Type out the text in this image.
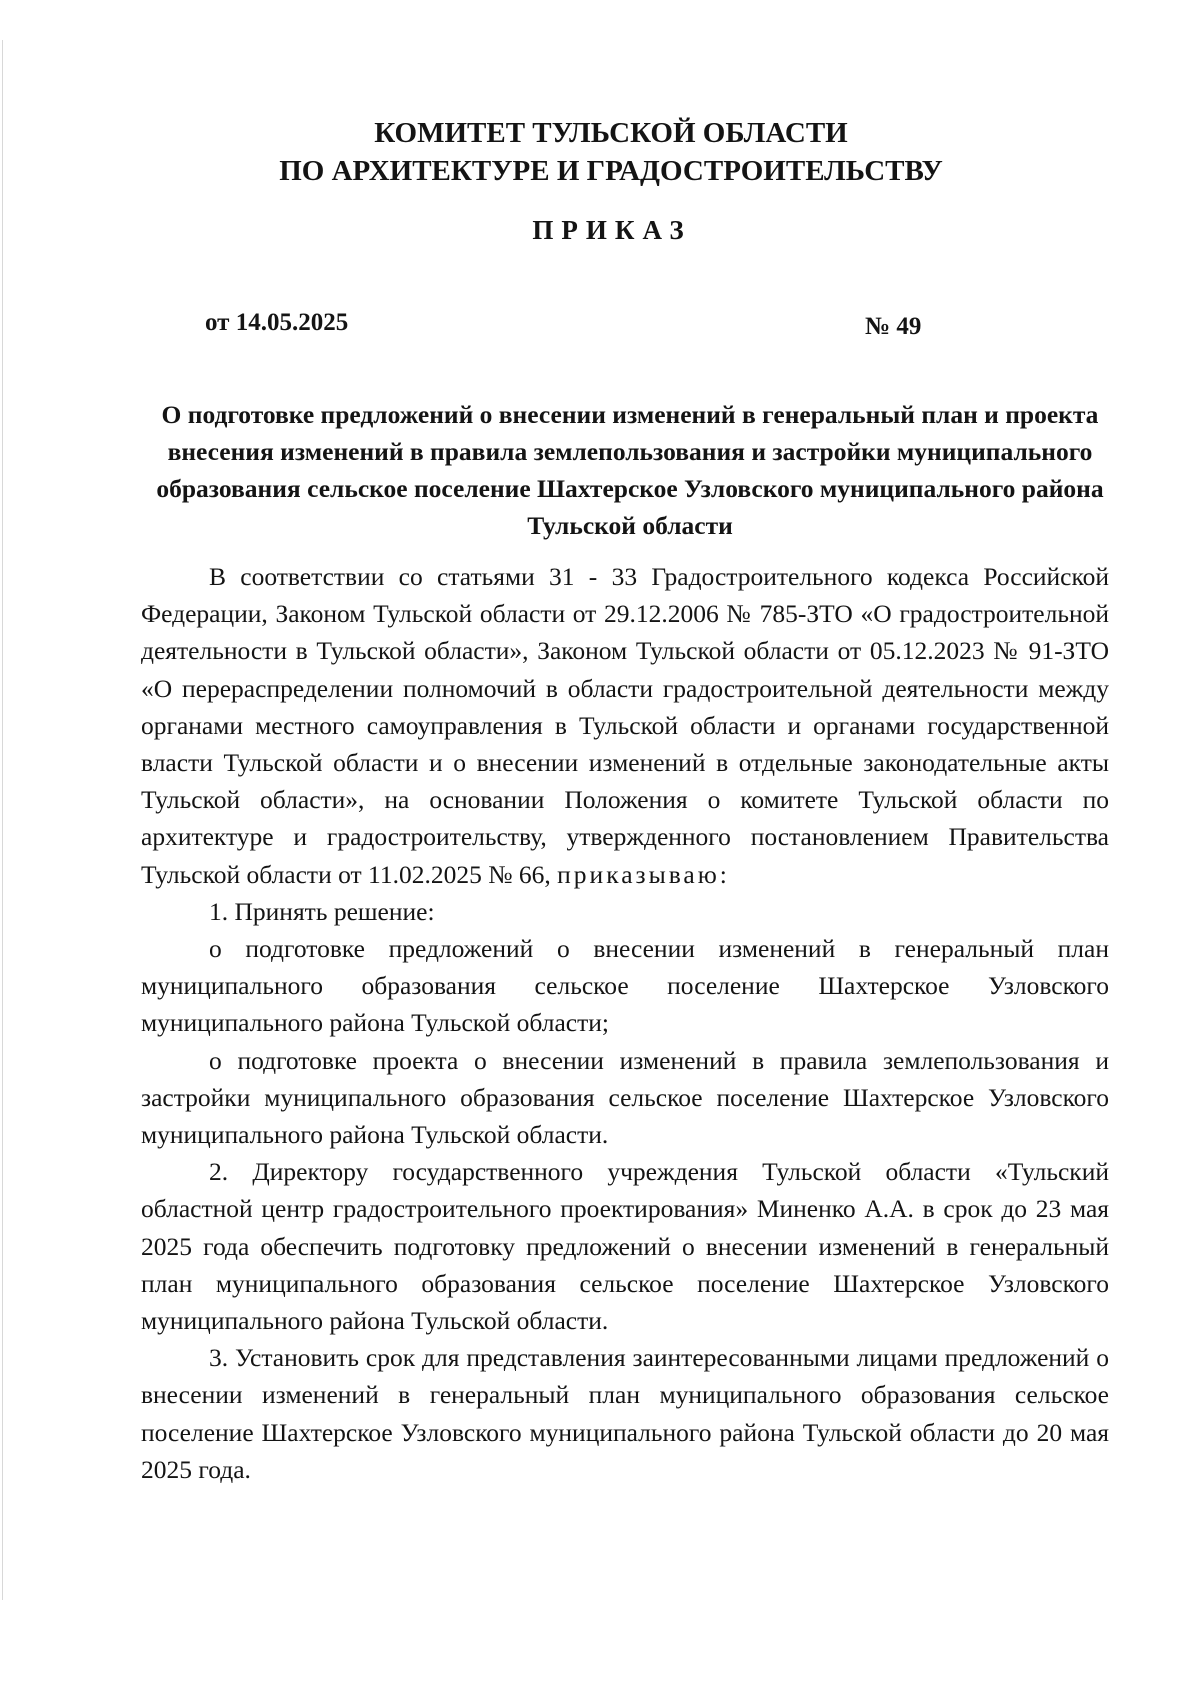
КОМИТЕТ ТУЛЬСКОЙ ОБЛАСТИ
ПО АРХИТЕКТУРЕ И ГРАДОСТРОИТЕЛЬСТВУ
ПРИКАЗ
от 14.05.2025	№ 49
О подготовке предложений о внесении изменений в генеральный план и проекта внесения изменений в правила землепользования и застройки муниципального образования сельское поселение Шахтерское Узловского муниципального района Тульской области

В соответствии со статьями 31 - 33 Градостроительного кодекса Российской Федерации, Законом Тульской области от 29.12.2006 № 785-ЗТО «О градостроительной деятельности в Тульской области», Законом Тульской области от 05.12.2023 № 91-ЗТО «О перераспределении полномочий в области градостроительной деятельности между органами местного самоуправления в Тульской области и органами государственной власти Тульской области и о внесении изменений в отдельные законодательные акты Тульской области», на основании Положения о комитете Тульской области по архитектуре и градостроительству, утвержденного постановлением Правительства Тульской области от 11.02.2025 № 66, приказываю:

1. Принять решение:

о подготовке предложений о внесении изменений в генеральный план муниципального образования сельское поселение Шахтерское Узловского муниципального района Тульской области;

о подготовке проекта о внесении изменений в правила землепользования и застройки муниципального образования сельское поселение Шахтерское Узловского муниципального района Тульской области.

2. Директору государственного учреждения Тульской области «Тульский областной центр градостроительного проектирования» Миненко А.А. в срок до 23 мая 2025 года обеспечить подготовку предложений о внесении изменений в генеральный план муниципального образования сельское поселение Шахтерское Узловского муниципального района Тульской области.

3. Установить срок для представления заинтересованными лицами предложений о внесении изменений в генеральный план муниципального образования сельское поселение Шахтерское Узловского муниципального района Тульской области до 20 мая 2025 года.
